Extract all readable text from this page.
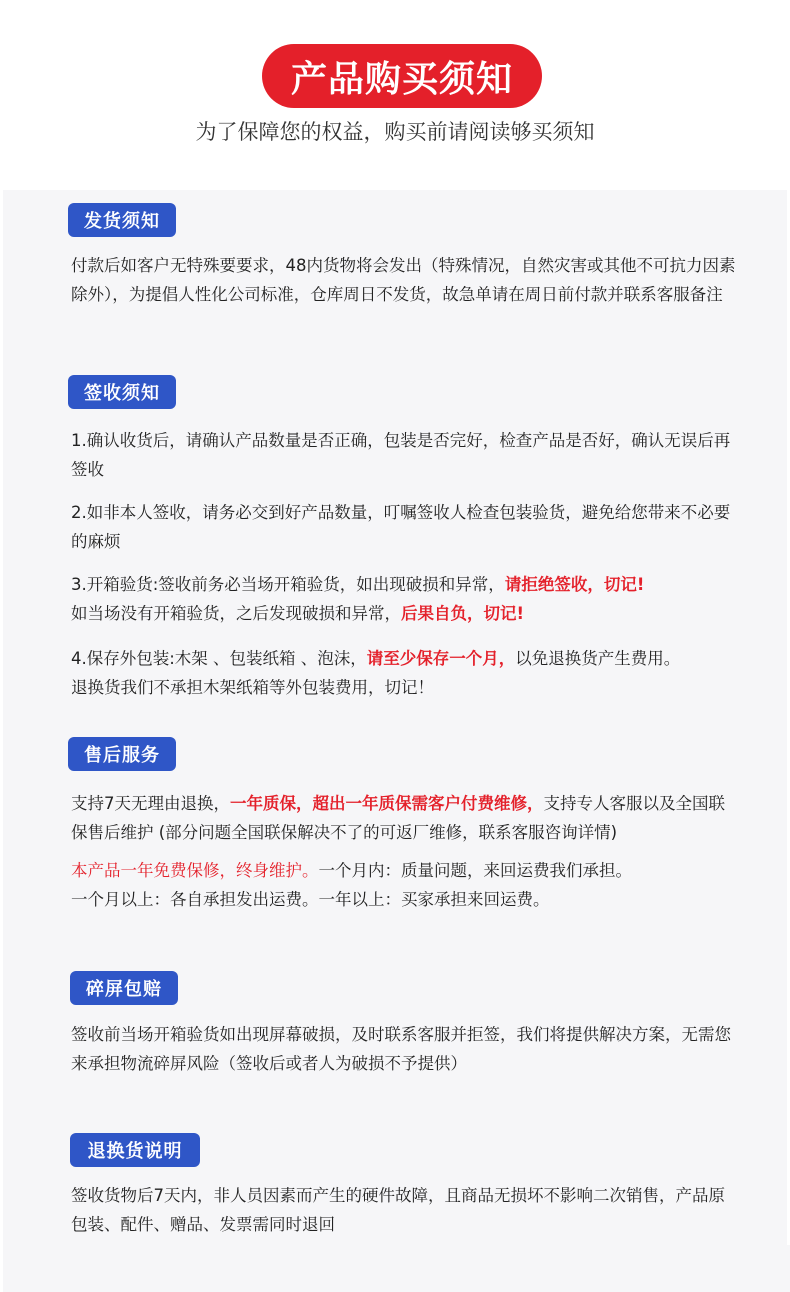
产品购买须知
为了保障您的权益，购买前请阅读够买须知
发货须知

付款后如客户无特殊要要求，48内货物将会发出（特殊情况，自然灾害或其他不可抗力因素除外），为提倡人性化公司标准，仓库周日不发货，故急单请在周日前付款并联系客服备注

签收须知

1.确认收货后，请确认产品数量是否正确，包装是否完好，检查产品是否好，确认无误后再签收

2.如非本人签收，请务必交到好产品数量，叮嘱签收人检查包装验货，避免给您带来不必要的麻烦

3.开箱验货:签收前务必当场开箱验货，如出现破损和异常，请拒绝签收，切记!
如当场没有开箱验货，之后发现破损和异常，后果自负，切记!

4.保存外包装:木架 、包装纸箱 、泡沫，请至少保存一个月，以免退换货产生费用。
退换货我们不承担木架纸箱等外包装费用，切记！

售后服务

支持7天无理由退换，一年质保，超出一年质保需客户付费维修，支持专人客服以及全国联保售后维护 (部分问题全国联保解决不了的可返厂维修，联系客服咨询详情)

本产品一年免费保修，终身维护。一个月内：质量问题，来回运费我们承担。
一个月以上：各自承担发出运费。一年以上：买家承担来回运费。

碎屏包赔

签收前当场开箱验货如出现屏幕破损，及时联系客服并拒签，我们将提供解决方案，无需您来承担物流碎屏风险（签收后或者人为破损不予提供）

退换货说明

签收货物后7天内，非人员因素而产生的硬件故障，且商品无损坏不影响二次销售，产品原包装、配件、赠品、发票需同时退回
